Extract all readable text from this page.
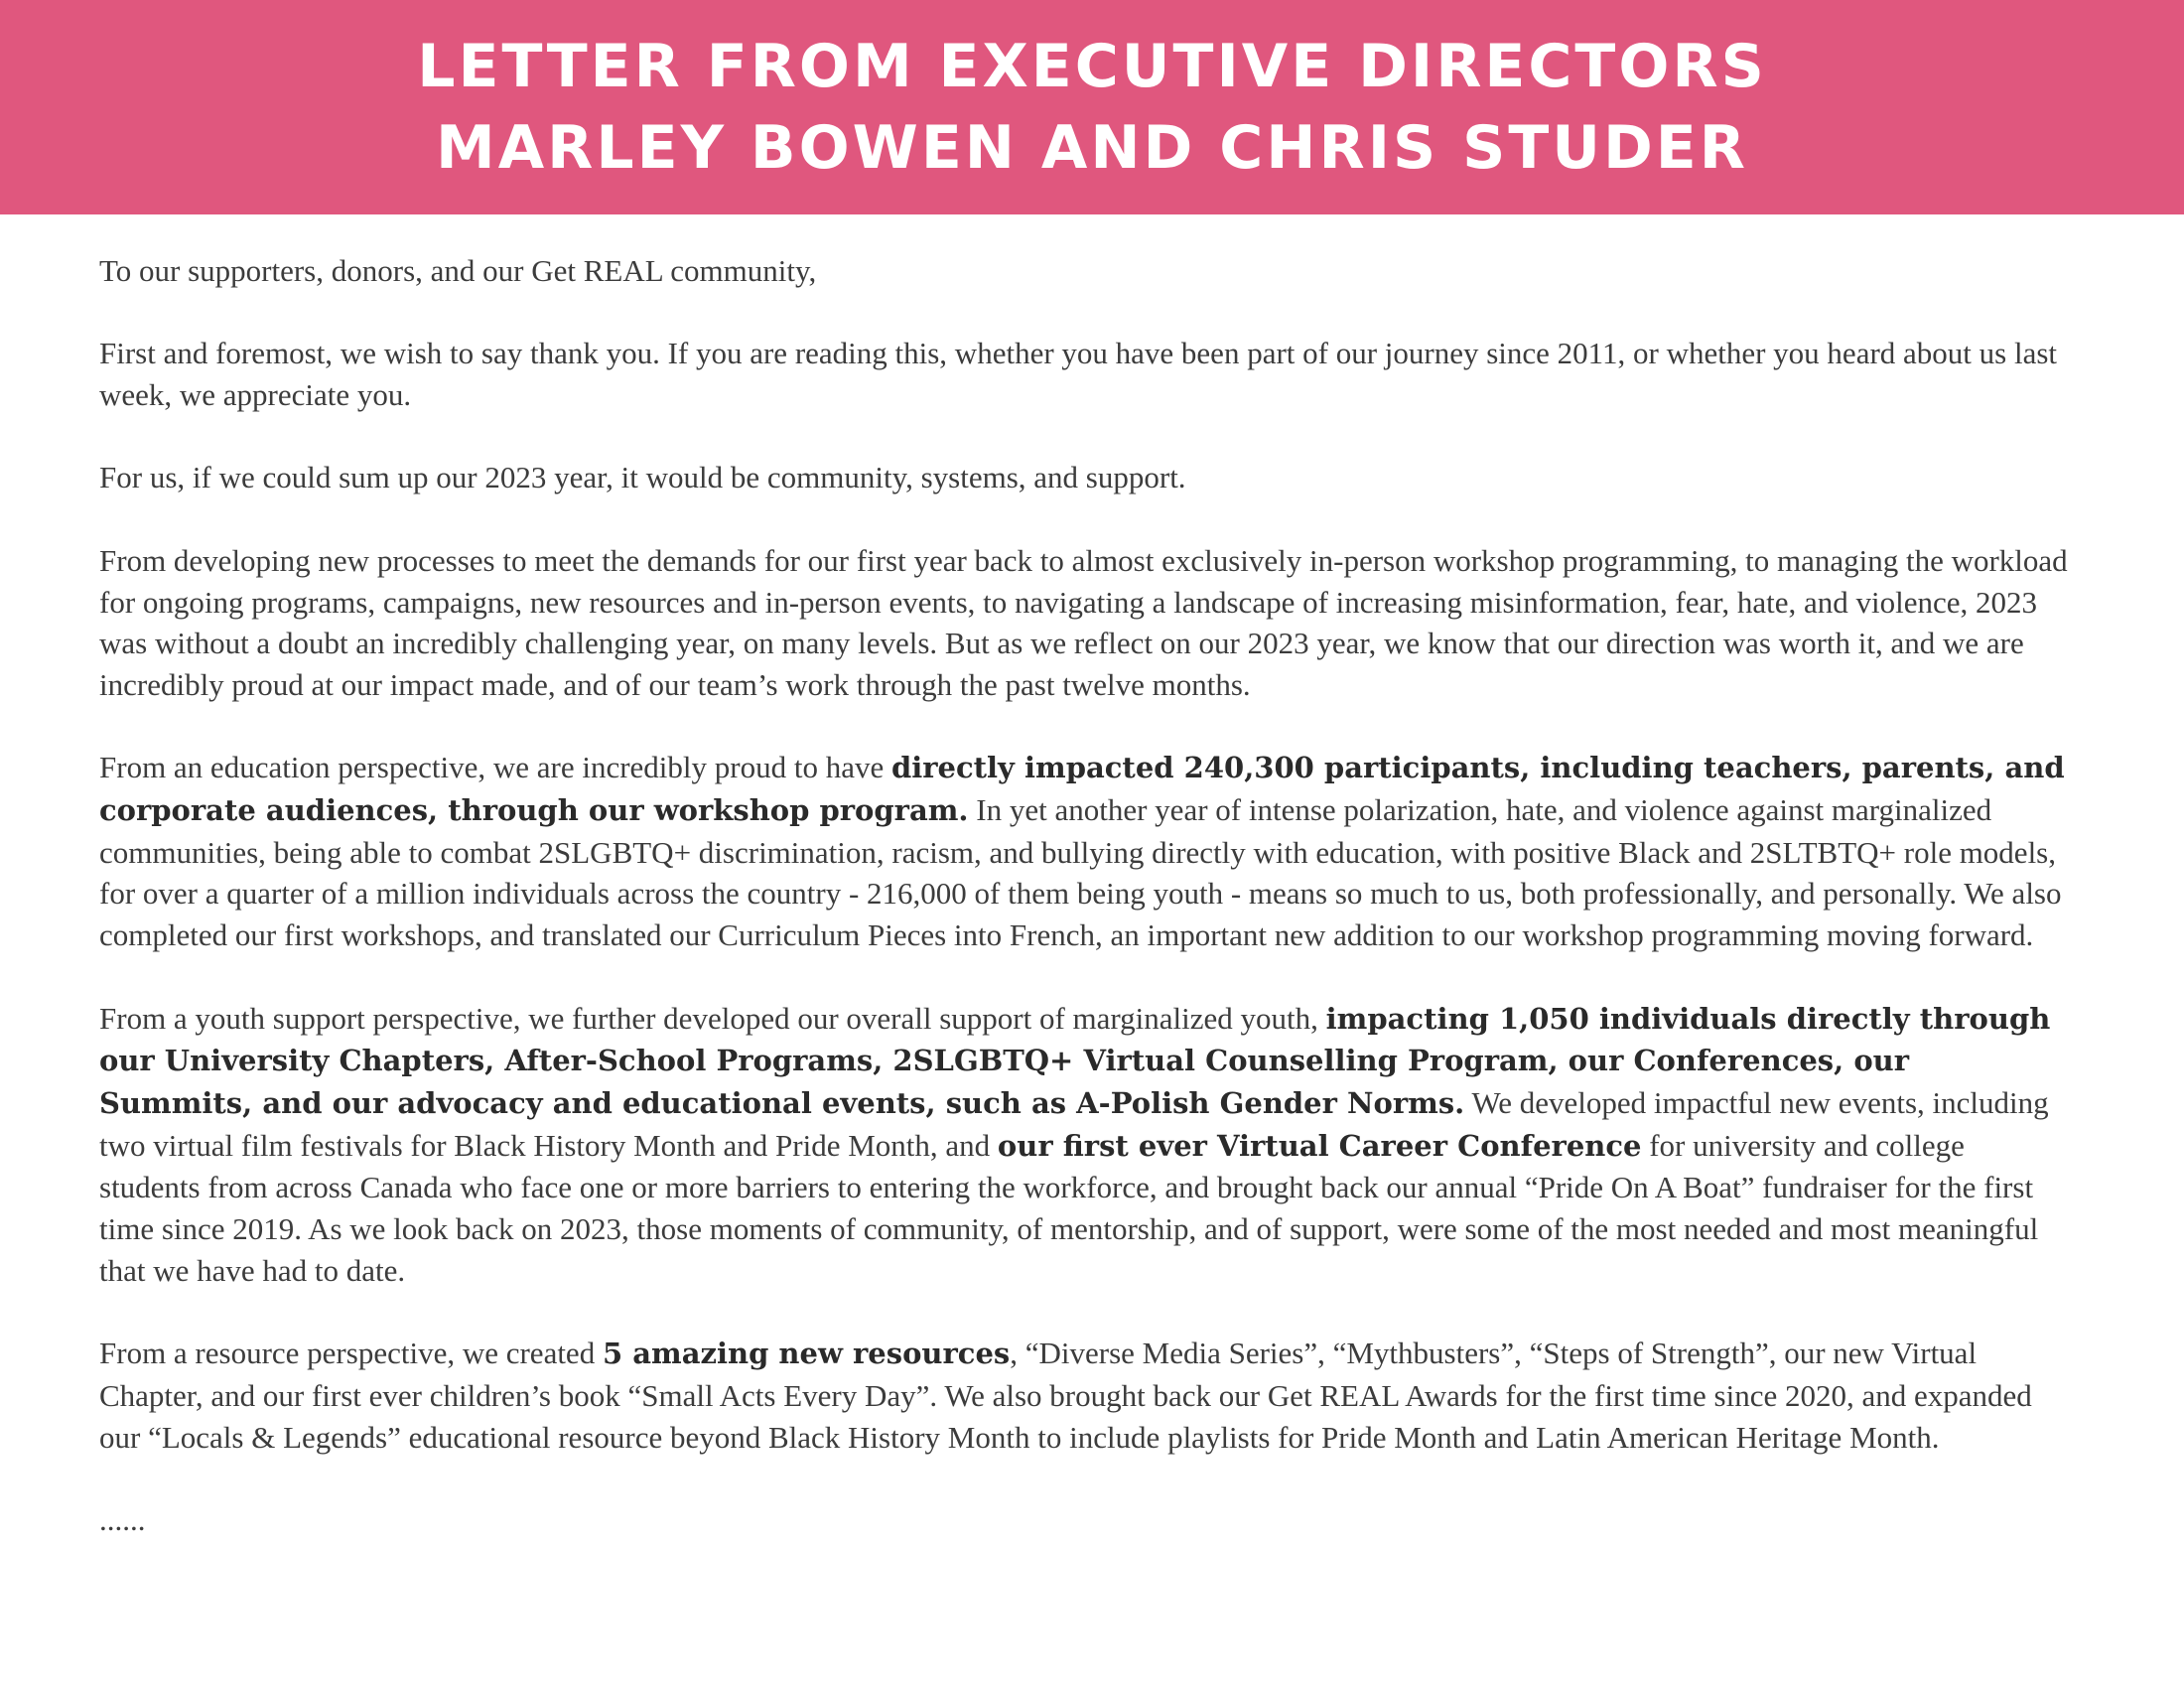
LETTER FROM EXECUTIVE DIRECTORS
MARLEY BOWEN AND CHRIS STUDER

To our supporters, donors, and our Get REAL community,

First and foremost, we wish to say thank you. If you are reading this, whether you have been part of our journey since 2011, or whether you heard about us last week, we appreciate you.

For us, if we could sum up our 2023 year, it would be community, systems, and support.

From developing new processes to meet the demands for our first year back to almost exclusively in-person workshop programming, to managing the workload for ongoing programs, campaigns, new resources and in-person events, to navigating a landscape of increasing misinformation, fear, hate, and violence, 2023 was without a doubt an incredibly challenging year, on many levels. But as we reflect on our 2023 year, we know that our direction was worth it, and we are incredibly proud at our impact made, and of our team’s work through the past twelve months.

From an education perspective, we are incredibly proud to have directly impacted 240,300 participants, including teachers, parents, and corporate audiences, through our workshop program. In yet another year of intense polarization, hate, and violence against marginalized communities, being able to combat 2SLGBTQ+ discrimination, racism, and bullying directly with education, with positive Black and 2SLTBTQ+ role models, for over a quarter of a million individuals across the country - 216,000 of them being youth - means so much to us, both professionally, and personally. We also completed our first workshops, and translated our Curriculum Pieces into French, an important new addition to our workshop programming moving forward.

From a youth support perspective, we further developed our overall support of marginalized youth, impacting 1,050 individuals directly through our University Chapters, After-School Programs, 2SLGBTQ+ Virtual Counselling Program, our Conferences, our Summits, and our advocacy and educational events, such as A-Polish Gender Norms. We developed impactful new events, including two virtual film festivals for Black History Month and Pride Month, and our first ever Virtual Career Conference for university and college students from across Canada who face one or more barriers to entering the workforce, and brought back our annual “Pride On A Boat” fundraiser for the first time since 2019. As we look back on 2023, those moments of community, of mentorship, and of support, were some of the most needed and most meaningful that we have had to date.

From a resource perspective, we created 5 amazing new resources, “Diverse Media Series”, “Mythbusters”, “Steps of Strength”, our new Virtual Chapter, and our first ever children’s book “Small Acts Every Day”. We also brought back our Get REAL Awards for the first time since 2020, and expanded our “Locals & Legends” educational resource beyond Black History Month to include playlists for Pride Month and Latin American Heritage Month.

......
